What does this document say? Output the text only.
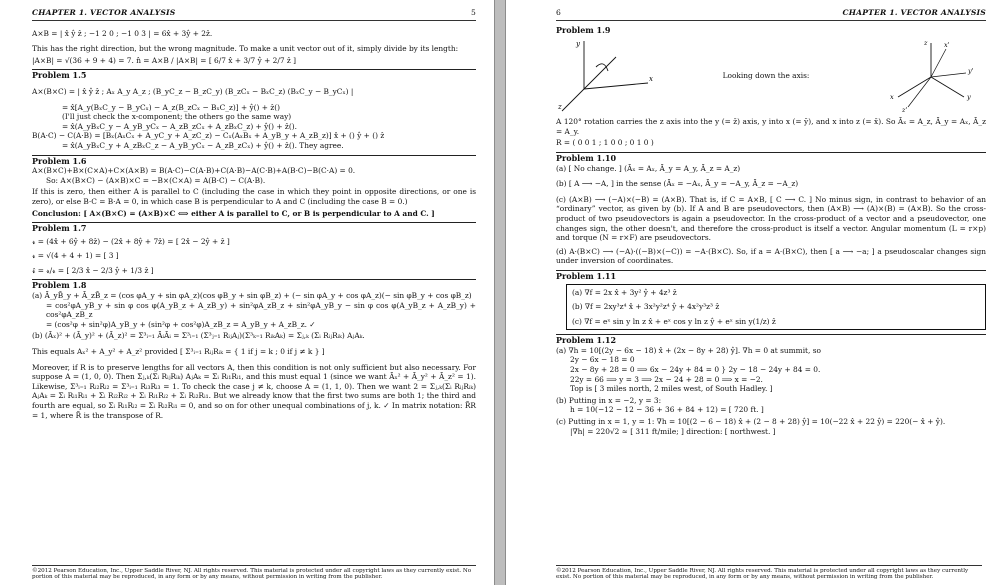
CHAPTER 1. VECTOR ANALYSIS	5
A×B = | x̂ ŷ ẑ ; −1 2 0 ; −1 0 3 | = 6x̂ + 3ŷ + 2ẑ.
This has the right direction, but the wrong magnitude. To make a unit vector out of it, simply divide by its length:
|A×B| = √(36 + 9 + 4) = 7. n̂ = A×B / |A×B| = [ 6/7 x̂ + 3/7 ŷ + 2/7 ẑ ]
Problem 1.5
A×(B×C) = | x̂ ŷ ẑ ; Aₓ A_y A_z ; (B_yC_z − B_zC_y) (B_zCₓ − BₓC_z) (BₓC_y − B_yCₓ) |
= x̂[A_y(BₓC_y − B_yCₓ) − A_z(B_zCₓ − BₓC_z)] + ŷ() + ẑ()
(I'll just check the x-component; the others go the same way)
= x̂(A_yBₓC_y − A_yB_yCₓ − A_zB_zCₓ + A_zBₓC_z) + ŷ() + ẑ().
B(A·C) − C(A·B) = [Bₓ(AₓCₓ + A_yC_y + A_zC_z) − Cₓ(AₓBₓ + A_yB_y + A_zB_z)] x̂ + () ŷ + () ẑ
= x̂(A_yBₓC_y + A_zBₓC_z − A_yB_yCₓ − A_zB_zCₓ) + ŷ() + ẑ(). They agree.
Problem 1.6
A×(B×C)+B×(C×A)+C×(A×B) = B(A·C)−C(A·B)+C(A·B)−A(C·B)+A(B·C)−B(C·A) = 0.
So: A×(B×C) − (A×B)×C = −B×(C×A) = A(B·C) − C(A·B).
If this is zero, then either A is parallel to C (including the case in which they point in opposite directions, or one is zero), or else B·C = B·A = 0, in which case B is perpendicular to A and C (including the case B = 0.)
Conclusion: [ A×(B×C) = (A×B)×C ⟺ either A is parallel to C, or B is perpendicular to A and C. ]
Problem 1.7
𝓻 = (4x̂ + 6ŷ + 8ẑ) − (2x̂ + 8ŷ + 7ẑ) = [ 2x̂ − 2ŷ + ẑ ]
𝓻 = √(4 + 4 + 1) = [ 3 ]
𝓻̂ = 𝓻/𝓻 = [ 2/3 x̂ − 2/3 ŷ + 1/3 ẑ ]
Problem 1.8
(a) Ā_yB̄_y + Ā_zB̄_z = (cos φA_y + sin φA_z)(cos φB_y + sin φB_z) + (− sin φA_y + cos φA_z)(− sin φB_y + cos φB_z)
= cos²φA_yB_y + sin φ cos φ(A_yB_z + A_zB_y) + sin²φA_zB_z + sin²φA_yB_y − sin φ cos φ(A_yB_z + A_zB_y) + cos²φA_zB_z
= (cos²φ + sin²φ)A_yB_y + (sin²φ + cos²φ)A_zB_z = A_yB_y + A_zB_z. ✓
(b) (Āₓ)² + (Ā_y)² + (Ā_z)² = Σ³ᵢ₌₁ ĀᵢĀᵢ = Σ³ᵢ₌₁ (Σ³ⱼ₌₁ RᵢⱼAⱼ)(Σ³ₖ₌₁ RᵢₖAₖ) = Σⱼ,ₖ (Σᵢ RᵢⱼRᵢₖ) AⱼAₖ.
This equals Aₓ² + A_y² + A_z² provided [ Σ³ᵢ₌₁ RᵢⱼRᵢₖ = { 1 if j = k ; 0 if j ≠ k } ]
Moreover, if R is to preserve lengths for all vectors A, then this condition is not only sufficient but also necessary. For suppose A = (1, 0, 0). Then Σⱼ,ₖ(Σᵢ RᵢⱼRᵢₖ) AⱼAₖ = Σᵢ Rᵢ₁Rᵢ₁, and this must equal 1 (since we want Āₓ² + Ā_y² + Ā_z² = 1). Likewise, Σ³ᵢ₌₁ Rᵢ₂Rᵢ₂ = Σ³ᵢ₌₁ Rᵢ₃Rᵢ₃ = 1. To check the case j ≠ k, choose A = (1, 1, 0). Then we want 2 = Σⱼ,ₖ(Σᵢ RᵢⱼRᵢₖ) AⱼAₖ = Σᵢ Rᵢ₁Rᵢ₁ + Σᵢ Rᵢ₂Rᵢ₂ + Σᵢ Rᵢ₁Rᵢ₂ + Σᵢ Rᵢ₂Rᵢ₁. But we already know that the first two sums are both 1; the third and fourth are equal, so Σᵢ Rᵢ₁Rᵢ₂ = Σᵢ Rᵢ₂Rᵢ₁ = 0, and so on for other unequal combinations of j, k. ✓ In matrix notation: R̃R = 1, where R̃ is the transpose of R.
©2012 Pearson Education, Inc., Upper Saddle River, NJ. All rights reserved. This material is protected under all copyright laws as they currently exist. No portion of this material may be reproduced, in any form or by any means, without permission in writing from the publisher.
6	CHAPTER 1. VECTOR ANALYSIS
Problem 1.9
y
x
z
Looking down the axis:
z	x'
y
y'
x
z'
A 120° rotation carries the z axis into the y (= z̄) axis, y into x (= ȳ), and x into z (= x̄). So Āₓ = A_z, Ā_y = Aₓ, Ā_z = A_y.
R = ( 0 0 1 ; 1 0 0 ; 0 1 0 )
Problem 1.10
(a) [ No change. ] (Āₓ = Aₓ, Ā_y = A_y, Ā_z = A_z)
(b) [ A ⟶ −A, ] in the sense (Āₓ = −Aₓ, Ā_y = −A_y, Ā_z = −A_z)
(c) (A×B) ⟶ (−A)×(−B) = (A×B). That is, if C = A×B, [ C ⟶ C. ] No minus sign, in contrast to behavior of an “ordinary” vector, as given by (b). If A and B are pseudovectors, then (A×B) ⟶ (A)×(B) = (A×B). So the cross-product of two pseudovectors is again a pseudovector. In the cross-product of a vector and a pseudovector, one changes sign, the other doesn't, and therefore the cross-product is itself a vector. Angular momentum (L = r×p) and torque (N = r×F) are pseudovectors.
(d) A·(B×C) ⟶ (−A)·((−B)×(−C)) = −A·(B×C). So, if a = A·(B×C), then [ a ⟶ −a; ] a pseudoscalar changes sign under inversion of coordinates.
Problem 1.11
(a) ∇f = 2x x̂ + 3y² ŷ + 4z³ ẑ
(b) ∇f = 2xy³z⁴ x̂ + 3x²y²z⁴ ŷ + 4x²y³z³ ẑ
(c) ∇f = eˣ sin y ln z x̂ + eˣ cos y ln z ŷ + eˣ sin y(1/z) ẑ
Problem 1.12
(a) ∇h = 10[(2y − 6x − 18) x̂ + (2x − 8y + 28) ŷ]. ∇h = 0 at summit, so
2y − 6x − 18 = 0
2x − 8y + 28 = 0 ⟹ 6x − 24y + 84 = 0 } 2y − 18 − 24y + 84 = 0.
22y = 66 ⟹ y = 3 ⟹ 2x − 24 + 28 = 0 ⟹ x = −2.
Top is [ 3 miles north, 2 miles west, of South Hadley. ]
(b) Putting in x = −2, y = 3:
h = 10(−12 − 12 − 36 + 36 + 84 + 12) = [ 720 ft. ]
(c) Putting in x = 1, y = 1: ∇h = 10[(2 − 6 − 18) x̂ + (2 − 8 + 28) ŷ] = 10(−22 x̂ + 22 ŷ) = 220(− x̂ + ŷ).
|∇h| = 220√2 ≈ [ 311 ft/mile; ] direction: [ northwest. ]
©2012 Pearson Education, Inc., Upper Saddle River, NJ. All rights reserved. This material is protected under all copyright laws as they currently exist. No portion of this material may be reproduced, in any form or by any means, without permission in writing from the publisher.
